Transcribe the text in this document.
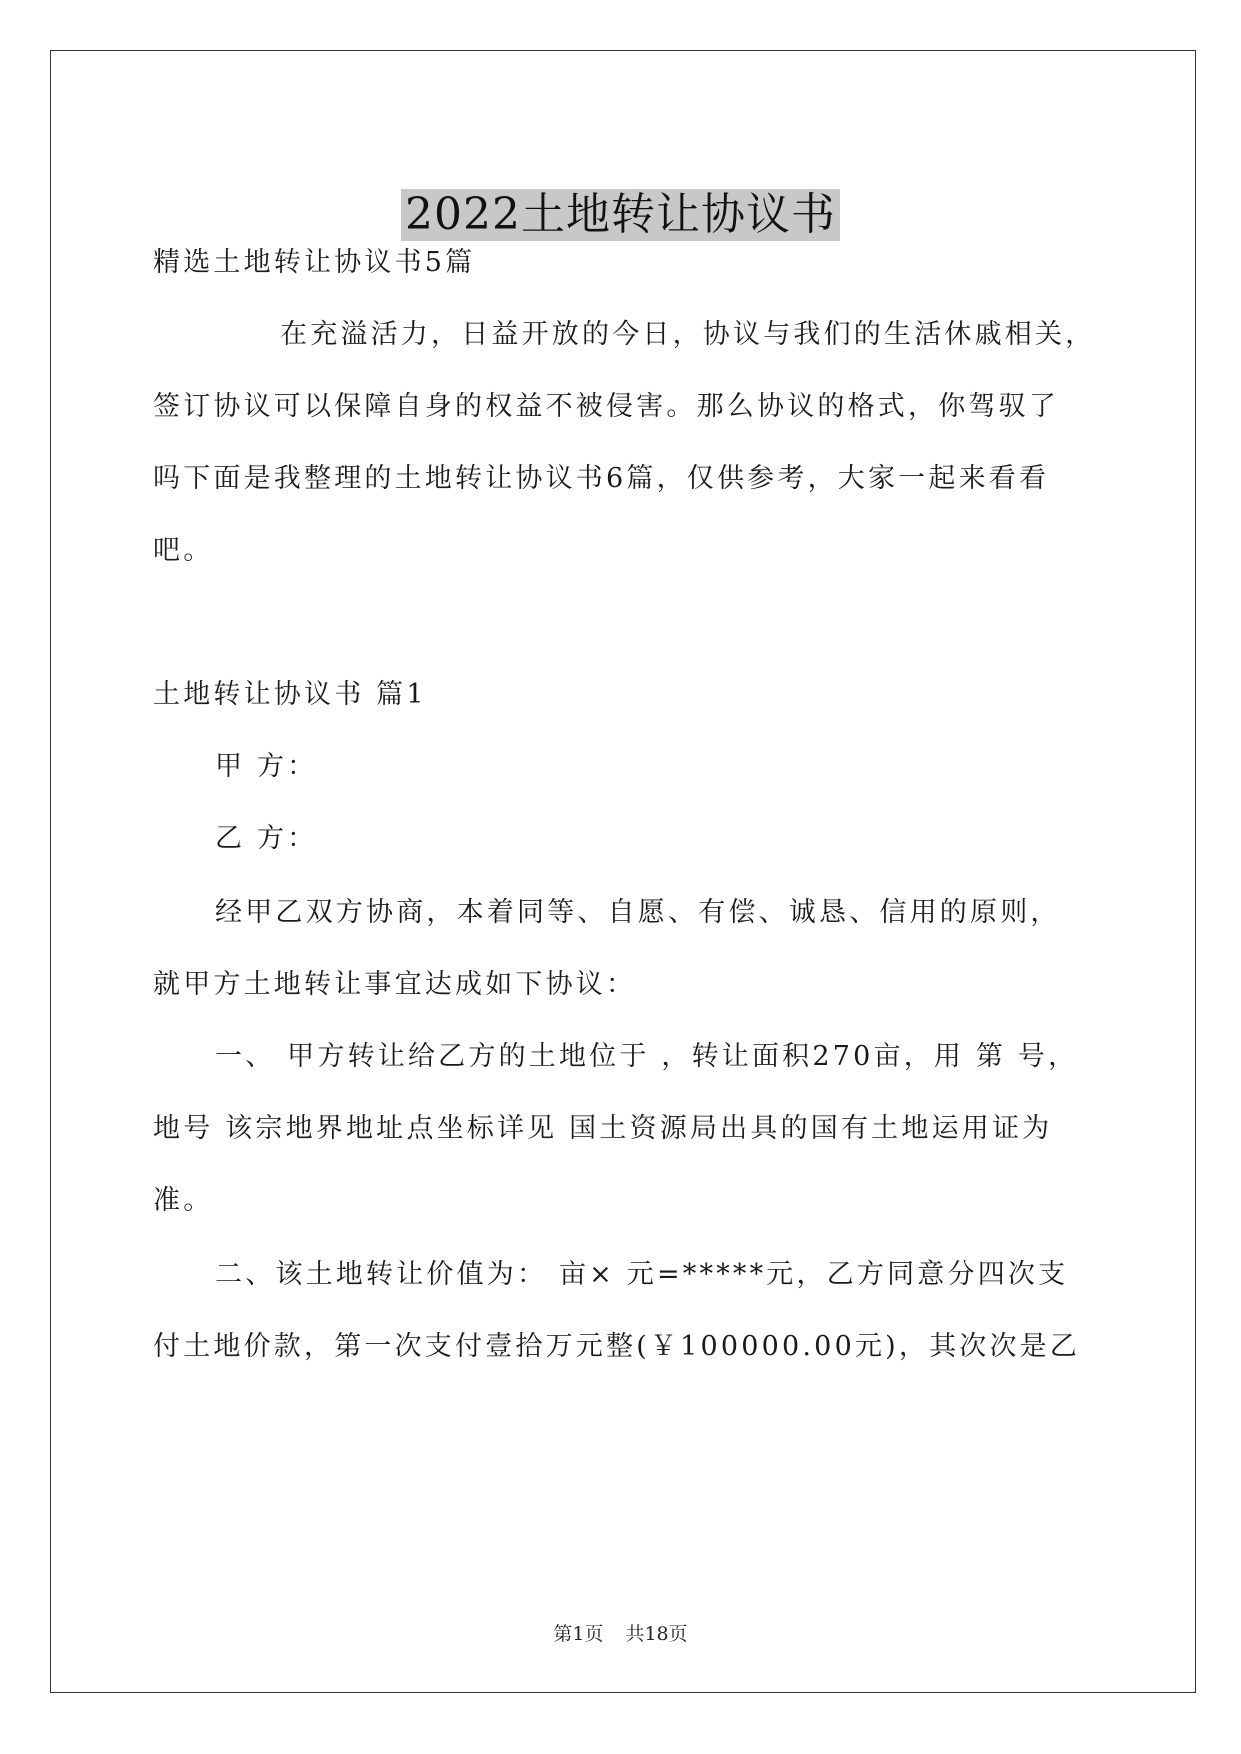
2022土地转让协议书
精选土地转让协议书5篇
在充溢活力，日益开放的今日，协议与我们的生活休戚相关，
签订协议可以保障自身的权益不被侵害。那么协议的格式，你驾驭了
吗下面是我整理的土地转让协议书6篇，仅供参考，大家一起来看看
吧。
土地转让协议书 篇1
甲 方：
乙 方：
经甲乙双方协商，本着同等、自愿、有偿、诚恳、信用的原则，
就甲方土地转让事宜达成如下协议：
一、 甲方转让给乙方的土地位于 ，转让面积270亩，用 第 号，
地号 该宗地界地址点坐标详见 国土资源局出具的国有土地运用证为
准。
二、该土地转让价值为： 亩× 元=*****元，乙方同意分四次支
付土地价款，第一次支付壹拾万元整(￥100000.00元)，其次次是乙
第1页 共18页
